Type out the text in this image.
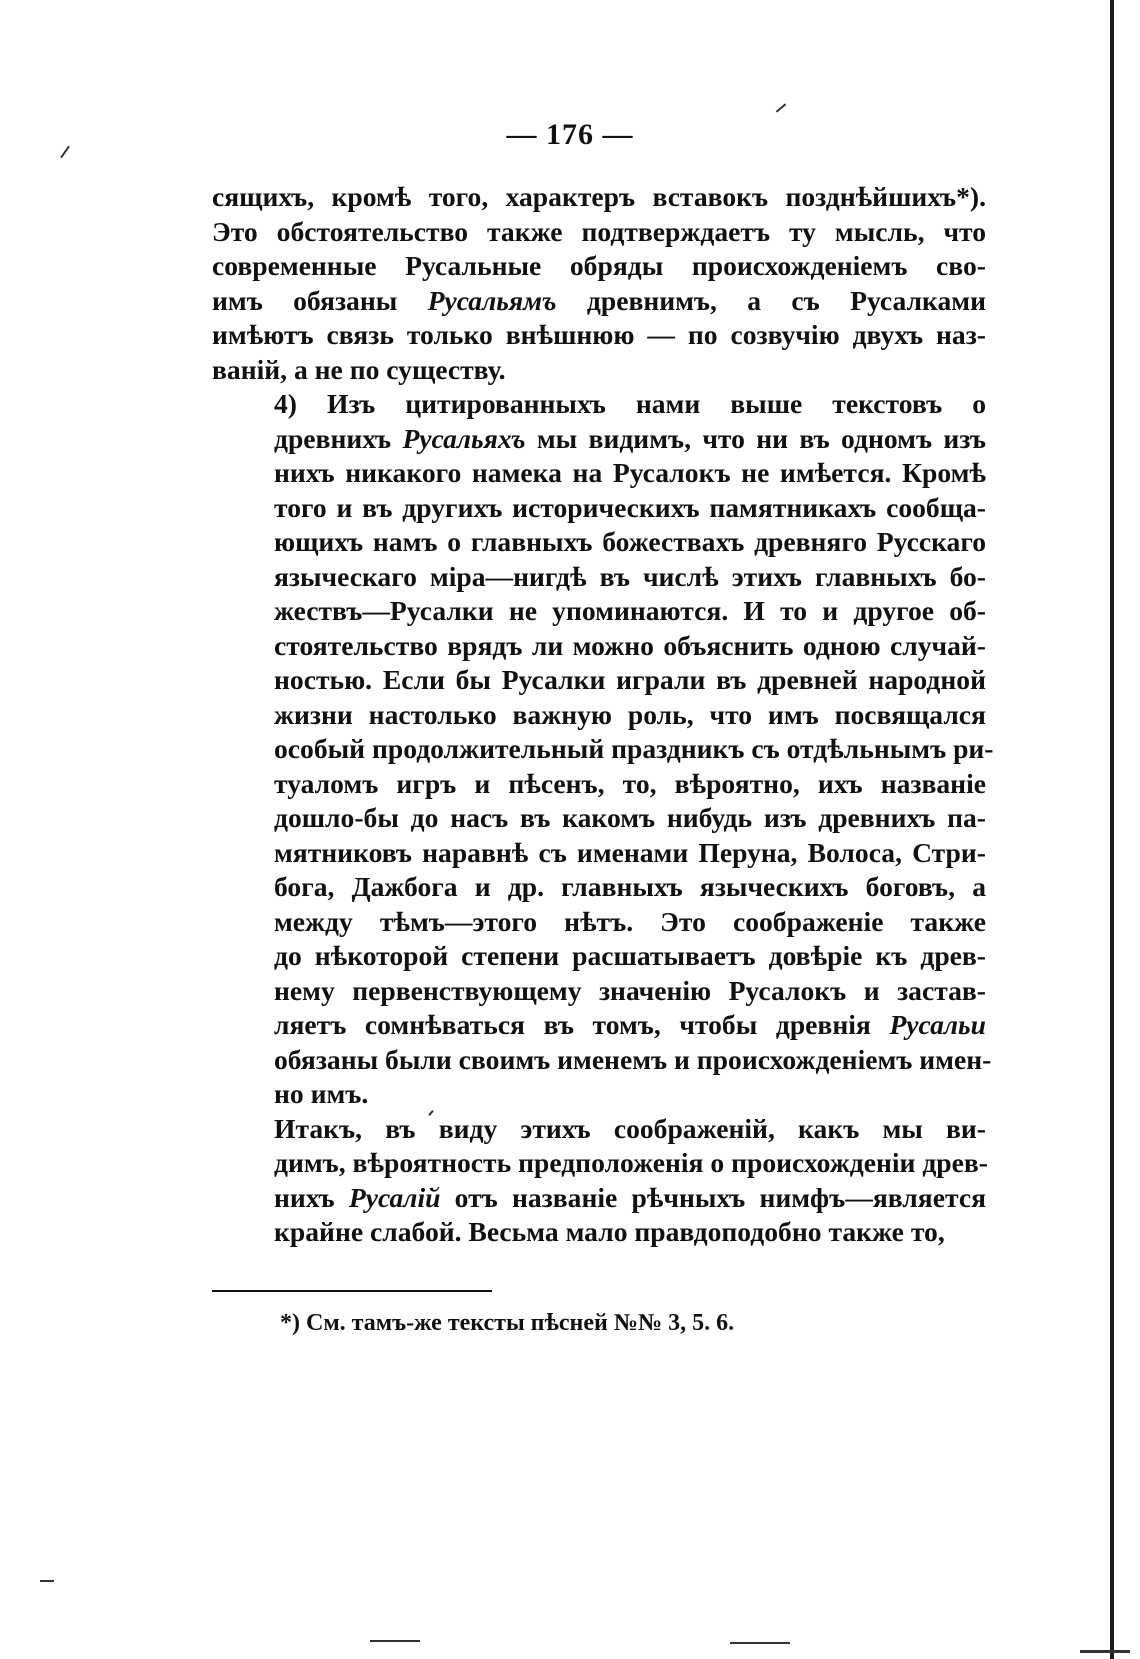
— 176 —

сящихъ, кромѣ того, характеръ вставокъ позднѣйшихъ*).
Это обстоятельство также подтверждаетъ ту мысль, что
современные Русальные обряды происхожденіемъ сво-
имъ обязаны Русальямъ древнимъ, а съ Русалками
имѣютъ связь только внѣшнюю — по созвучію двухъ наз-
ваній, а не по существу.

4) Изъ цитированныхъ нами выше текстовъ о
древнихъ Русальяхъ мы видимъ, что ни въ одномъ изъ
нихъ никакого намека на Русалокъ не имѣется. Кромѣ
того и въ другихъ историческихъ памятникахъ сообща-
ющихъ намъ о главныхъ божествахъ древняго Русскаго
языческаго міра—нигдѣ въ числѣ этихъ главныхъ бо-
жествъ—Русалки не упоминаются. И то и другое об-
стоятельство врядъ ли можно объяснить одною случай-
ностью. Если бы Русалки играли въ древней народной
жизни настолько важную роль, что имъ посвящался
особый продолжительный праздникъ съ отдѣльнымъ ри-
туаломъ игръ и пѣсенъ, то, вѣроятно, ихъ названіе
дошло-бы до насъ въ какомъ нибудь изъ древнихъ па-
мятниковъ наравнѣ съ именами Перуна, Волоса, Стри-
бога, Дажбога и др. главныхъ языческихъ боговъ, а
между тѣмъ—этого нѣтъ. Это соображеніе также
до нѣкоторой степени расшатываетъ довѣріе къ древ-
нему первенствующему значенію Русалокъ и застав-
ляетъ сомнѣваться въ томъ, чтобы древнія Русальи
обязаны были своимъ именемъ и происхожденіемъ имен-
но имъ.

Итакъ, въ виду этихъ соображеній, какъ мы ви-
димъ, вѣроятность предположенія о происхожденіи древ-
нихъ Русалій отъ названіе рѣчныхъ нимфъ—является
крайне слабой. Весьма мало правдоподобно также то,

*) См. тамъ-же тексты пѣсней №№ 3, 5. 6.
